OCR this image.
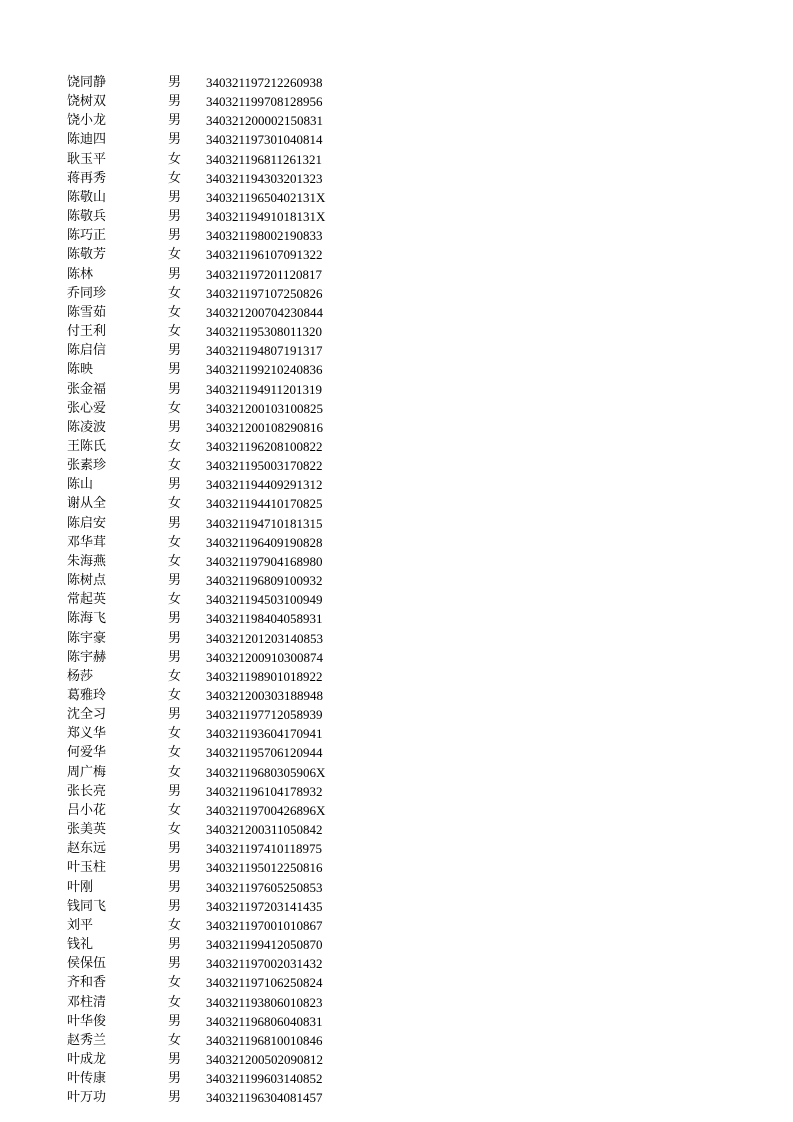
饶同静	男	340321197212260938
饶树双	男	340321199708128956
饶小龙	男	340321200002150831
陈迪四	男	340321197301040814
耿玉平	女	340321196811261321
蒋再秀	女	340321194303201323
陈敬山	男	34032119650402131X
陈敬兵	男	34032119491018131X
陈巧正	男	340321198002190833
陈敬芳	女	340321196107091322
陈林	男	340321197201120817
乔同珍	女	340321197107250826
陈雪茹	女	340321200704230844
付王利	女	340321195308011320
陈启信	男	340321194807191317
陈映	男	340321199210240836
张金福	男	340321194911201319
张心爱	女	340321200103100825
陈凌波	男	340321200108290816
王陈氏	女	340321196208100822
张素珍	女	340321195003170822
陈山	男	340321194409291312
谢从全	女	340321194410170825
陈启安	男	340321194710181315
邓华茸	女	340321196409190828
朱海燕	女	340321197904168980
陈树点	男	340321196809100932
常起英	女	340321194503100949
陈海飞	男	340321198404058931
陈宇豪	男	340321201203140853
陈宇赫	男	340321200910300874
杨莎	女	340321198901018922
葛雅玲	女	340321200303188948
沈全习	男	340321197712058939
郑义华	女	340321193604170941
何爱华	女	340321195706120944
周广梅	女	34032119680305906X
张长亮	男	340321196104178932
吕小花	女	34032119700426896X
张美英	女	340321200311050842
赵东远	男	340321197410118975
叶玉柱	男	340321195012250816
叶刚	男	340321197605250853
钱同飞	男	340321197203141435
刘平	女	340321197001010867
钱礼	男	340321199412050870
侯保伍	男	340321197002031432
齐和香	女	340321197106250824
邓柱清	女	340321193806010823
叶华俊	男	340321196806040831
赵秀兰	女	340321196810010846
叶成龙	男	340321200502090812
叶传康	男	340321199603140852
叶万功	男	340321196304081457
